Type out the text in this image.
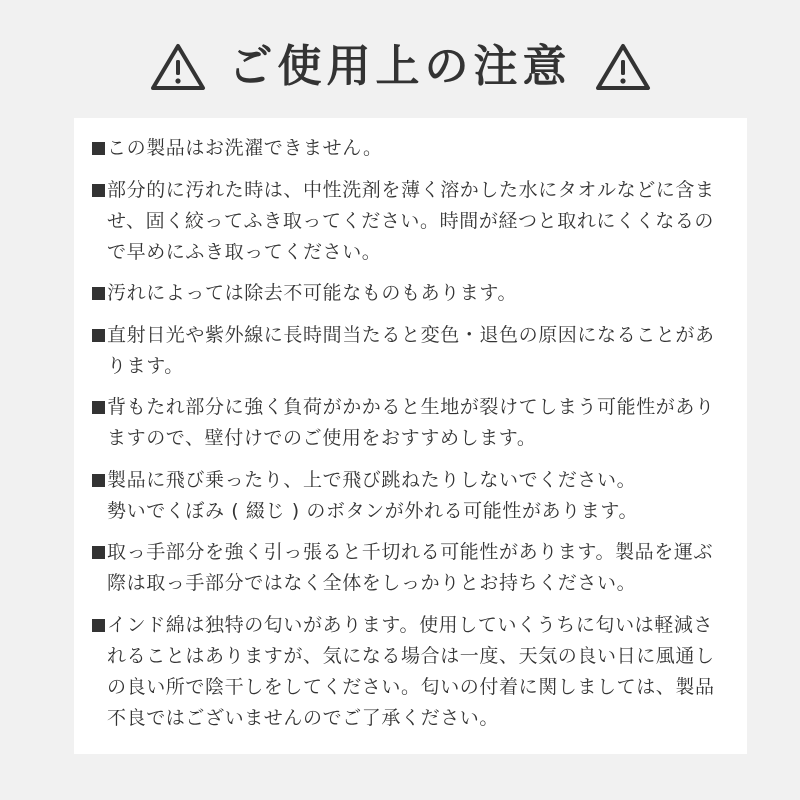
ご使用上の注意
この製品はお洗濯できません。
部分的に汚れた時は、中性洗剤を薄く溶かした水にタオルなどに含ま
せ、固く絞ってふき取ってください。時間が経つと取れにくくなるの
で早めにふき取ってください。
汚れによっては除去不可能なものもあります。
直射日光や紫外線に長時間当たると変色・退色の原因になることがあ
ります。
背もたれ部分に強く負荷がかかると生地が裂けてしまう可能性があり
ますので、壁付けでのご使用をおすすめします。
製品に飛び乗ったり、上で飛び跳ねたりしないでください。
勢いでくぼみ ( 綴じ ) のボタンが外れる可能性があります。
取っ手部分を強く引っ張ると千切れる可能性があります。製品を運ぶ
際は取っ手部分ではなく全体をしっかりとお持ちください。
インド綿は独特の匂いがあります。使用していくうちに匂いは軽減さ
れることはありますが、気になる場合は一度、天気の良い日に風通し
の良い所で陰干しをしてください。匂いの付着に関しましては、製品
不良ではございませんのでご了承ください。
